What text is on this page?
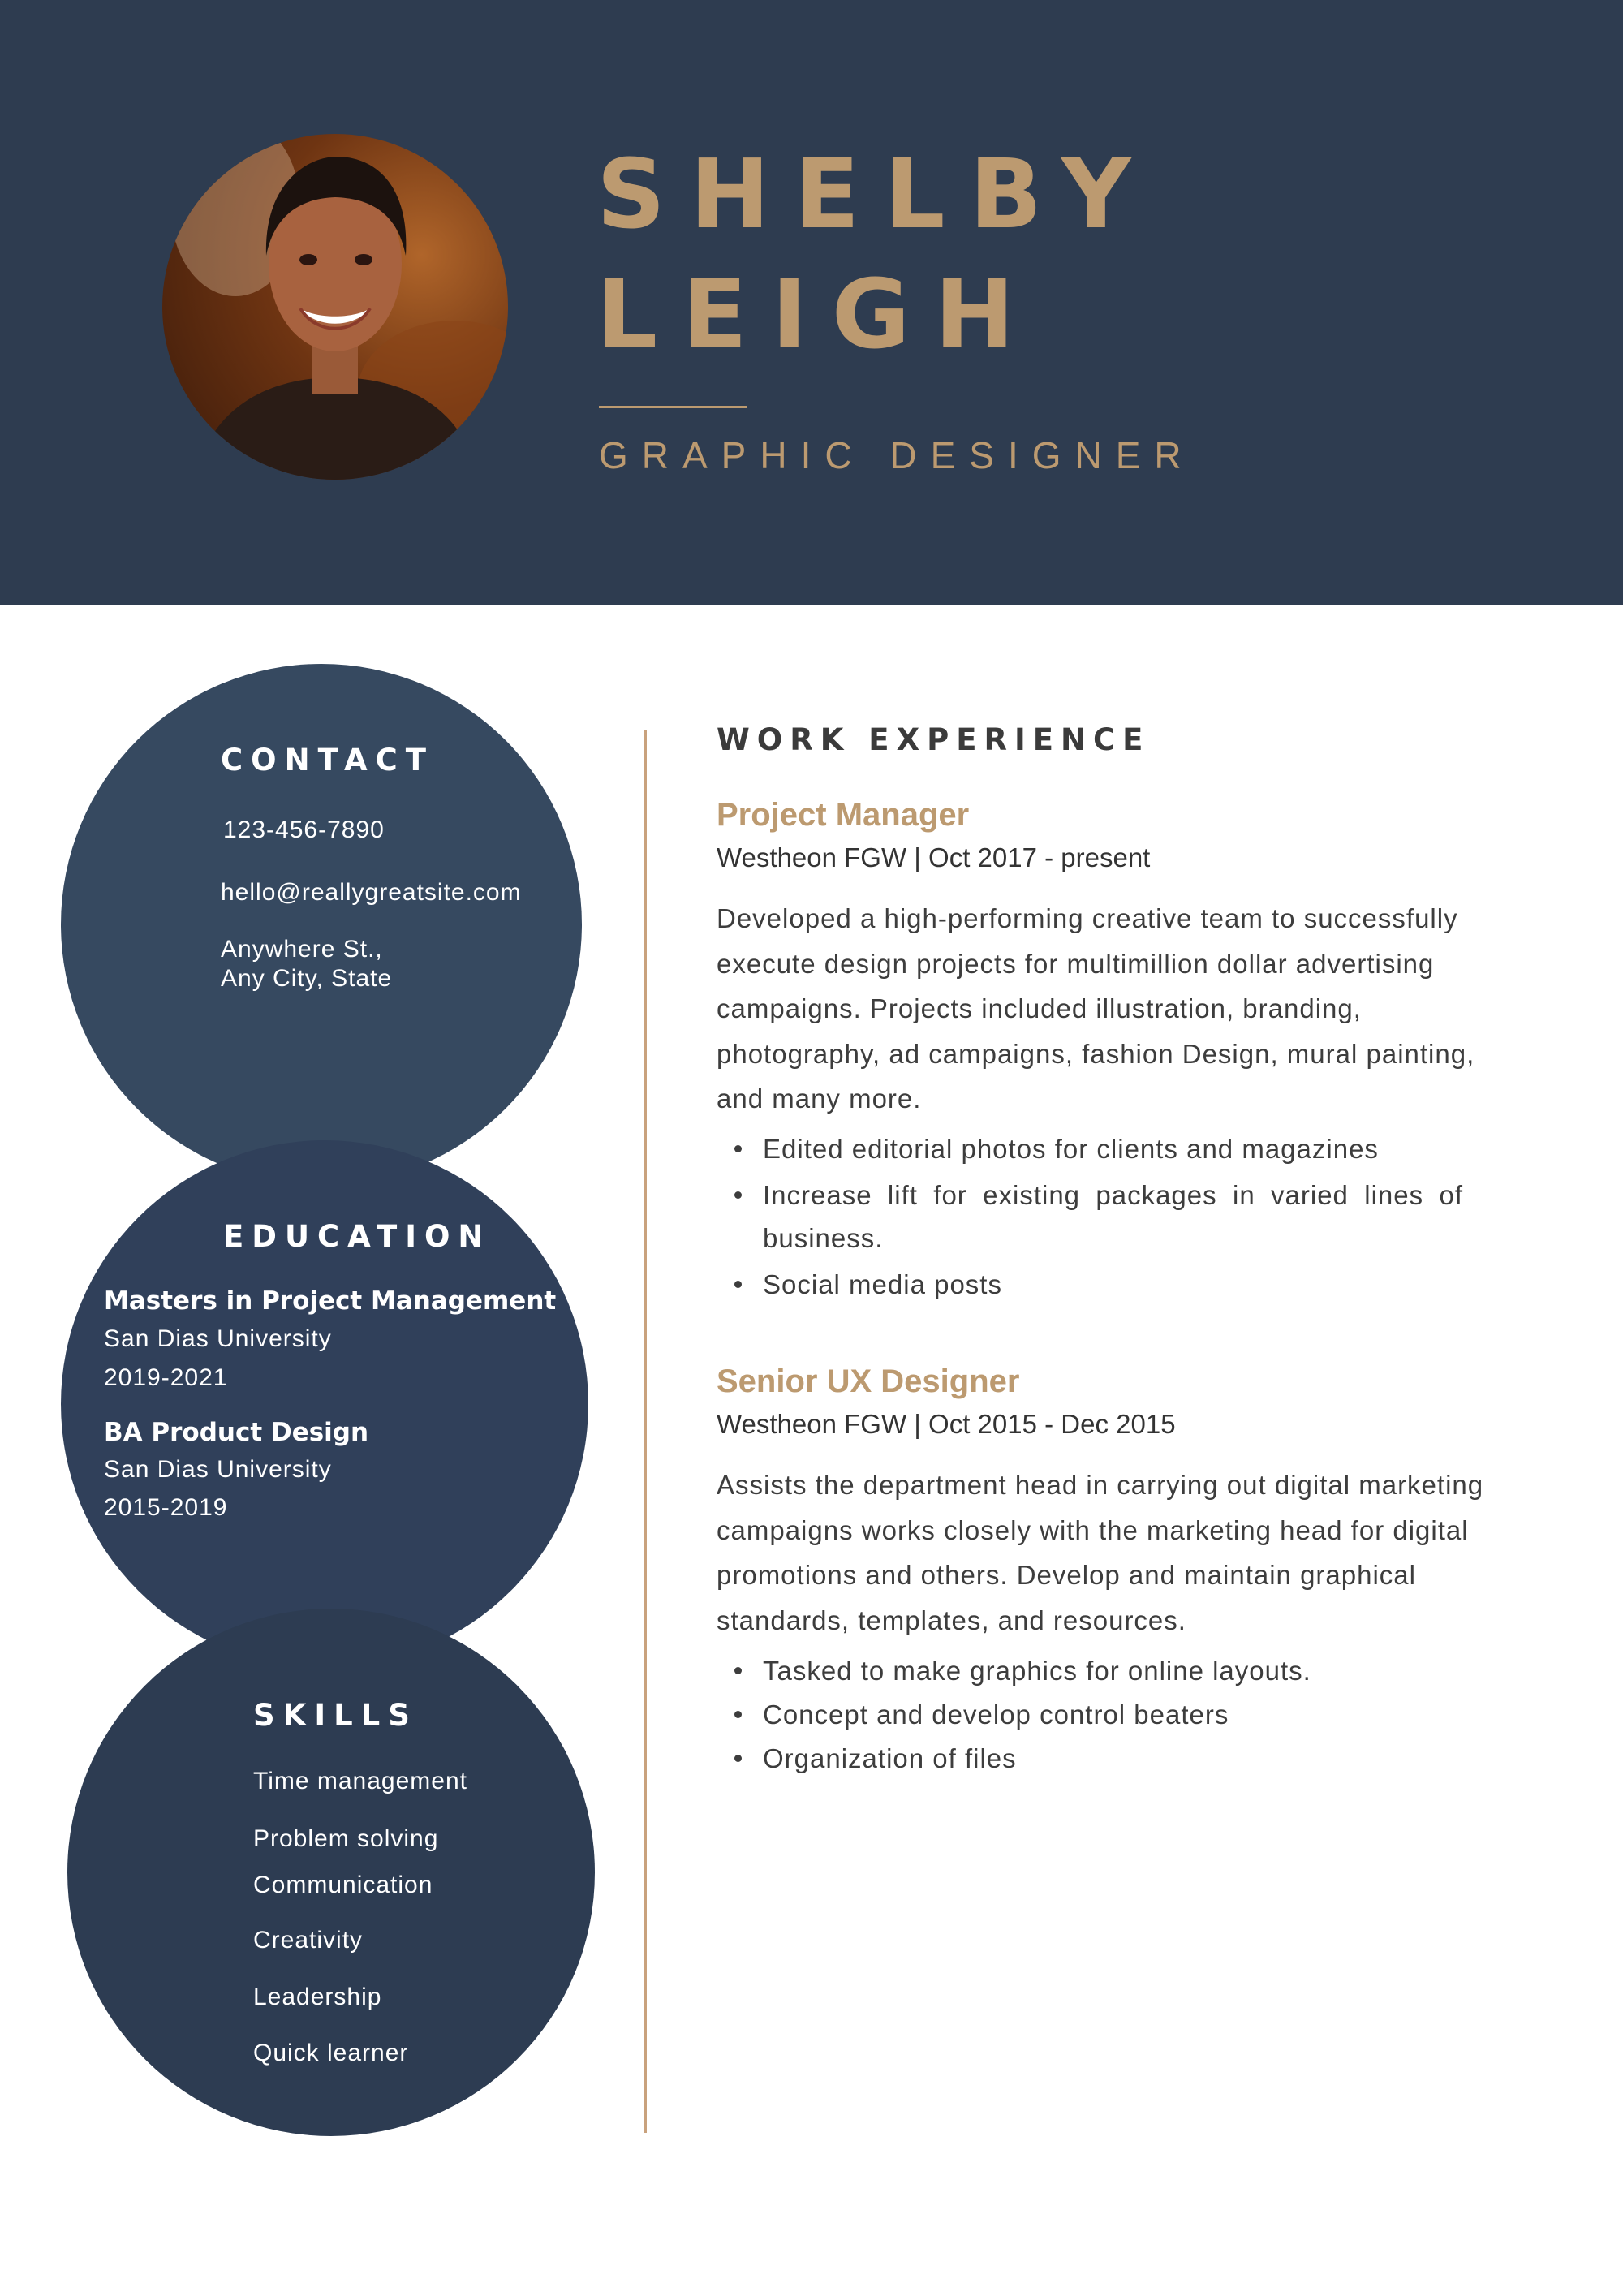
SHELBY
LEIGH
GRAPHIC DESIGNER
CONTACT

123-456-7890

hello@reallygreatsite.com

Anywhere St.,

Any City, State

EDUCATION

Masters in Project Management

San Dias University

2019-2021

BA Product Design

San Dias University

2015-2019

SKILLS

Time management

Problem solving

Communication

Creativity

Leadership

Quick learner

WORK EXPERIENCE

Project Manager

Westheon FGW | Oct 2017 - present

Developed a high-performing creative team to successfully execute design projects for multimillion dollar advertising campaigns. Projects included illustration, branding, photography, ad campaigns, fashion Design, mural painting, and many more.

Edited editorial photos for clients and magazines
Increase lift for existing packages in varied lines of business.
Social media posts

Senior UX Designer

Westheon FGW | Oct 2015 - Dec 2015

Assists the department head in carrying out digital marketing campaigns works closely with the marketing head for digital promotions and others. Develop and maintain graphical standards, templates, and resources.

Tasked to make graphics for online layouts.
Concept and develop control beaters
Organization of files
